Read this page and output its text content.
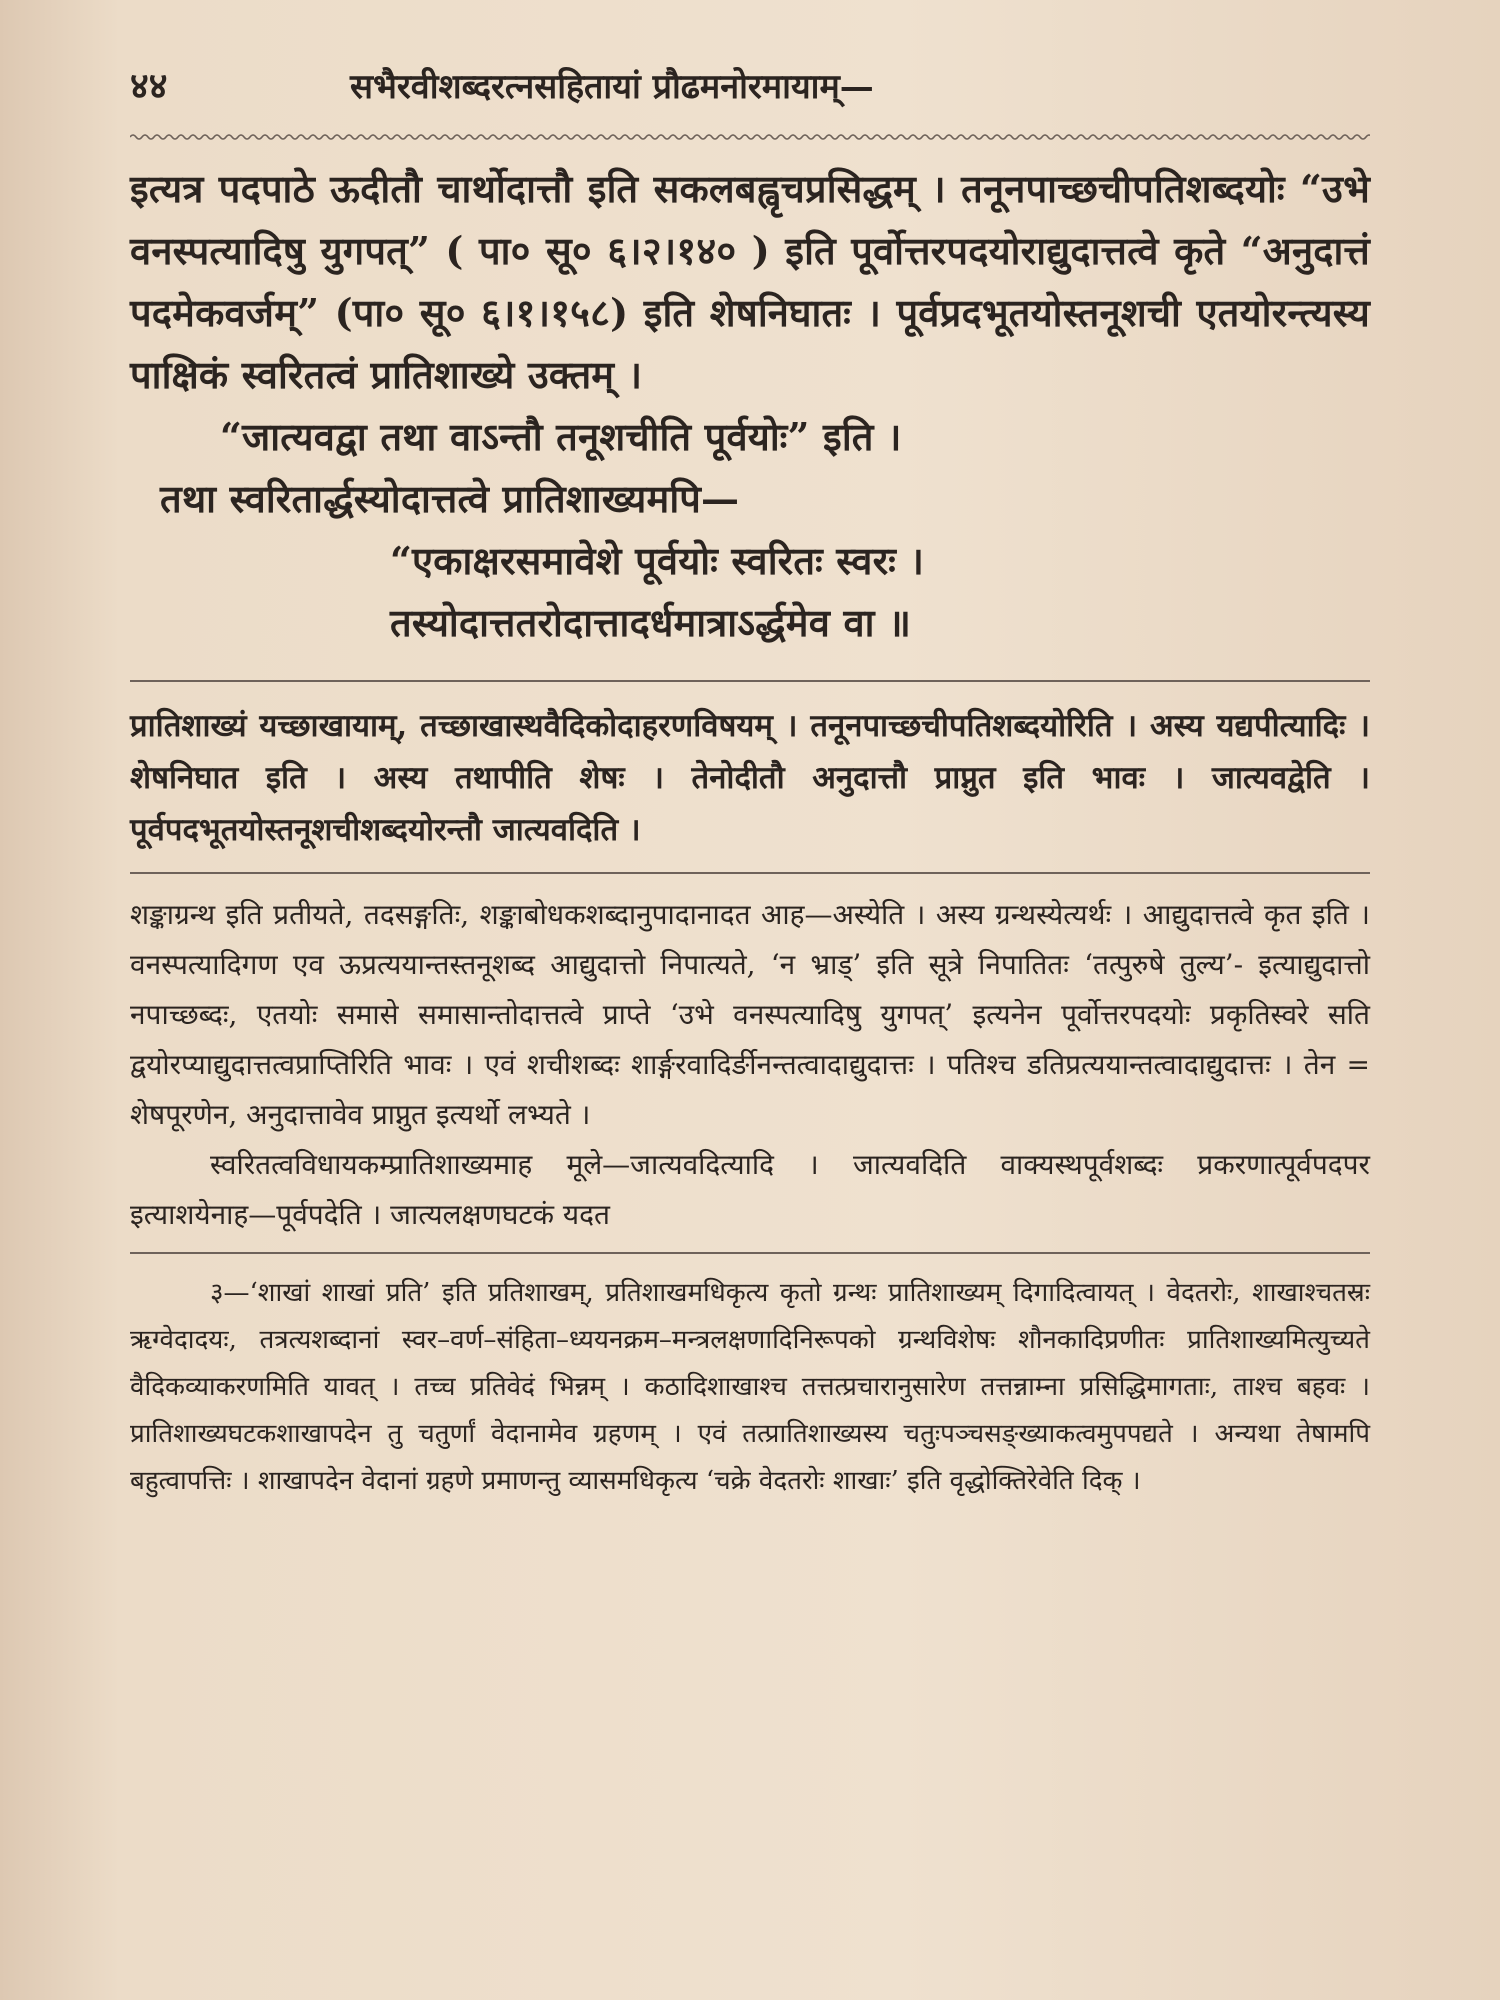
४४	सभैरवीशब्दरत्नसहितायां प्रौढमनोरमायाम्—

इत्यत्र पदपाठे ऊदीतौ चार्थोदात्तौ इति सकलबह्वृचप्रसिद्धम् । तनूनपाच्छचीपतिशब्दयोः “उभे वनस्पत्यादिषु युगपत्” ( पा० सू० ६।२।१४० ) इति पूर्वोत्तरपदयोराद्युदात्तत्वे कृते “अनुदात्तं पदमेकवर्जम्” (पा० सू० ६।१।१५८) इति शेषनिघातः । पूर्वप्रदभूतयोस्तनूशची एतयोरन्त्यस्य पाक्षिकं स्वरितत्वं प्रातिशाख्ये उक्तम् ।

“जात्यवद्वा तथा वाऽन्तौ तनूशचीति पूर्वयोः” इति ।

तथा स्वरितार्द्धस्योदात्तत्वे प्रातिशाख्यमपि—

“एकाक्षरसमावेशे पूर्वयोः स्वरितः स्वरः ।

तस्योदात्ततरोदात्तादर्धमात्राऽर्द्धमेव वा ॥

प्रातिशाख्यं यच्छाखायाम्, तच्छाखास्थवैदिकोदाहरणविषयम् । तनूनपाच्छचीपतिशब्दयोरिति । अस्य यद्यपीत्यादिः । शेषनिघात इति । अस्य तथापीति शेषः । तेनोदीतौ अनुदात्तौ प्राप्नुत इति भावः । जात्यवद्वेति । पूर्वपदभूतयोस्तनूशचीशब्दयोरन्तौ जात्यवदिति ।

शङ्काग्रन्थ इति प्रतीयते, तदसङ्गतिः, शङ्काबोधकशब्दानुपादानादत आह—अस्येति । अस्य ग्रन्थस्येत्यर्थः । आद्युदात्तत्वे कृत इति । वनस्पत्यादिगण एव ऊप्रत्ययान्तस्तनूशब्द आद्युदात्तो निपात्यते, ‘न भ्राड्’ इति सूत्रे निपातितः ‘तत्पुरुषे तुल्य’- इत्याद्युदात्तो नपाच्छब्दः, एतयोः समासे समासान्तोदात्तत्वे प्राप्ते ‘उभे वनस्पत्यादिषु युगपत्’ इत्यनेन पूर्वोत्तरपदयोः प्रकृतिस्वरे सति द्वयोरप्याद्युदात्तत्वप्राप्तिरिति भावः । एवं शचीशब्दः शार्ङ्गरवादिर्ङीनन्तत्वादाद्युदात्तः । पतिश्च डतिप्रत्ययान्तत्वादाद्युदात्तः । तेन = शेषपूरणेन, अनुदात्तावेव प्राप्नुत इत्यर्थो लभ्यते ।

स्वरितत्वविधायकम्प्रातिशाख्यमाह मूले—जात्यवदित्यादि । जात्यवदिति वाक्यस्थपूर्वशब्दः प्रकरणात्पूर्वपदपर इत्याशयेनाह—पूर्वपदेति । जात्यलक्षणघटकं यदत

३—‘शाखां शाखां प्रति’ इति प्रतिशाखम्, प्रतिशाखमधिकृत्य कृतो ग्रन्थः प्रातिशाख्यम् दिगादित्वायत् । वेदतरोः, शाखाश्चतस्रः ऋग्वेदादयः, तत्रत्यशब्दानां स्वर–वर्ण–संहिता–ध्ययनक्रम–मन्त्रलक्षणादिनिरूपको ग्रन्थविशेषः शौनकादिप्रणीतः प्रातिशाख्यमित्युच्यते वैदिकव्याकरणमिति यावत् । तच्च प्रतिवेदं भिन्नम् । कठादिशाखाश्च तत्तत्प्रचारानुसारेण तत्तन्नाम्ना प्रसिद्धिमागताः, ताश्च बहवः । प्रातिशाख्यघटकशाखापदेन तु चतुर्णां वेदानामेव ग्रहणम् । एवं तत्प्रातिशाख्यस्य चतुःपञ्चसङ्ख्याकत्वमुपपद्यते । अन्यथा तेषामपि बहुत्वापत्तिः । शाखापदेन वेदानां ग्रहणे प्रमाणन्तु व्यासमधिकृत्य ‘चक्रे वेदतरोः शाखाः’ इति वृद्धोक्तिरेवेति दिक् ।
